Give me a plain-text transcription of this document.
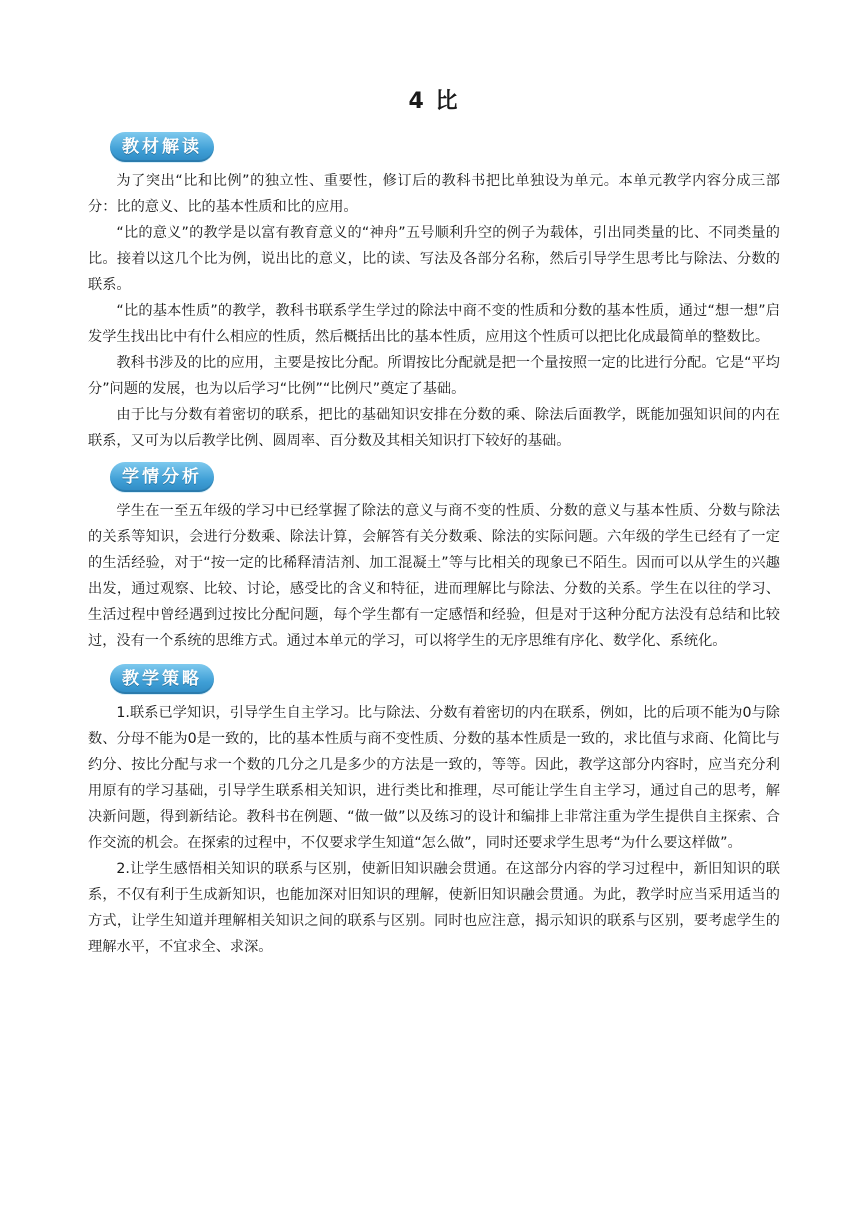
4 比
教材解读

为了突出“比和比例”的独立性、重要性，修订后的教科书把比单独设为单元。本单元教学内容分成三部分：比的意义、比的基本性质和比的应用。

“比的意义”的教学是以富有教育意义的“神舟”五号顺利升空的例子为载体，引出同类量的比、不同类量的比。接着以这几个比为例，说出比的意义，比的读、写法及各部分名称，然后引导学生思考比与除法、分数的联系。

“比的基本性质”的教学，教科书联系学生学过的除法中商不变的性质和分数的基本性质，通过“想一想”启发学生找出比中有什么相应的性质，然后概括出比的基本性质，应用这个性质可以把比化成最简单的整数比。

教科书涉及的比的应用，主要是按比分配。所谓按比分配就是把一个量按照一定的比进行分配。它是“平均分”问题的发展，也为以后学习“比例”“比例尺”奠定了基础。

由于比与分数有着密切的联系，把比的基础知识安排在分数的乘、除法后面教学，既能加强知识间的内在联系，又可为以后教学比例、圆周率、百分数及其相关知识打下较好的基础。

学情分析

学生在一至五年级的学习中已经掌握了除法的意义与商不变的性质、分数的意义与基本性质、分数与除法的关系等知识，会进行分数乘、除法计算，会解答有关分数乘、除法的实际问题。六年级的学生已经有了一定的生活经验，对于“按一定的比稀释清洁剂、加工混凝土”等与比相关的现象已不陌生。因而可以从学生的兴趣出发，通过观察、比较、讨论，感受比的含义和特征，进而理解比与除法、分数的关系。学生在以往的学习、生活过程中曾经遇到过按比分配问题，每个学生都有一定感悟和经验，但是对于这种分配方法没有总结和比较过，没有一个系统的思维方式。通过本单元的学习，可以将学生的无序思维有序化、数学化、系统化。

教学策略

1.联系已学知识，引导学生自主学习。比与除法、分数有着密切的内在联系，例如，比的后项不能为0与除数、分母不能为0是一致的，比的基本性质与商不变性质、分数的基本性质是一致的，求比值与求商、化简比与约分、按比分配与求一个数的几分之几是多少的方法是一致的，等等。因此，教学这部分内容时，应当充分利用原有的学习基础，引导学生联系相关知识，进行类比和推理，尽可能让学生自主学习，通过自己的思考，解决新问题，得到新结论。教科书在例题、“做一做”以及练习的设计和编排上非常注重为学生提供自主探索、合作交流的机会。在探索的过程中，不仅要求学生知道“怎么做”，同时还要求学生思考“为什么要这样做”。

2.让学生感悟相关知识的联系与区别，使新旧知识融会贯通。在这部分内容的学习过程中，新旧知识的联系，不仅有利于生成新知识，也能加深对旧知识的理解，使新旧知识融会贯通。为此，教学时应当采用适当的方式，让学生知道并理解相关知识之间的联系与区别。同时也应注意，揭示知识的联系与区别，要考虑学生的理解水平，不宜求全、求深。
